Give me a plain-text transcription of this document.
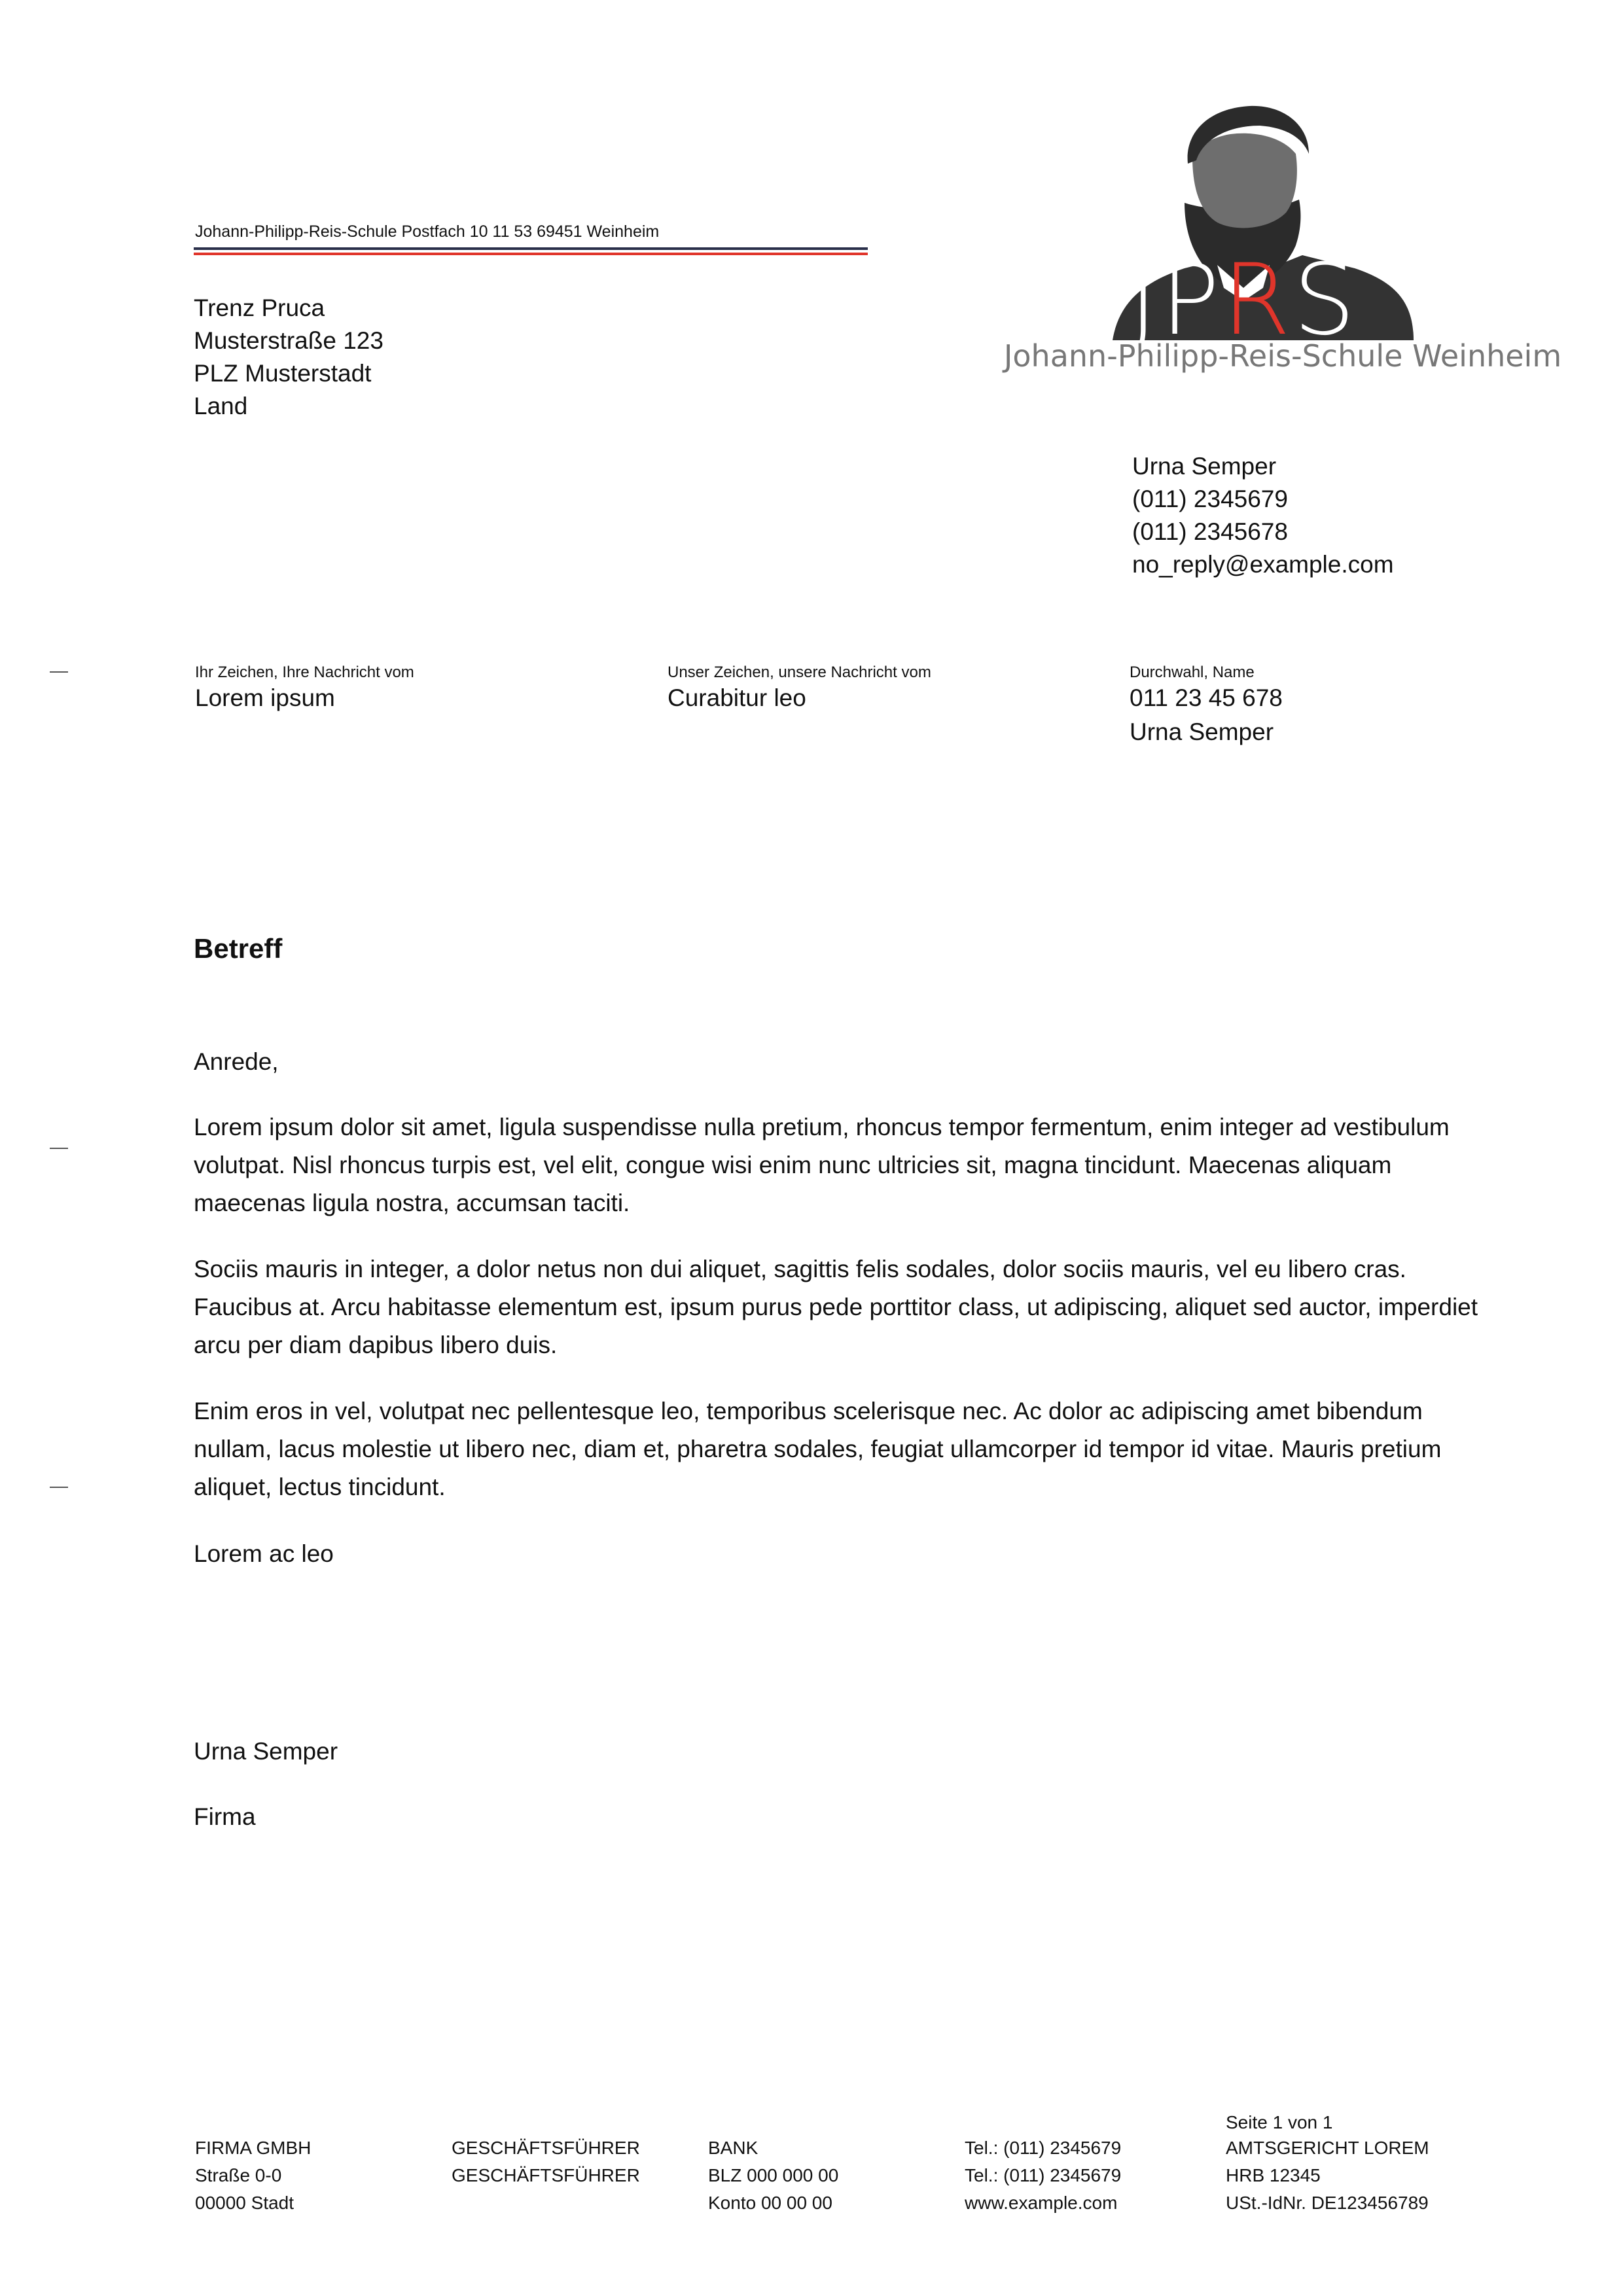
Johann-Philipp-Reis-Schule Postfach 10 11 53 69451 Weinheim
JPRS
Johann-Philipp-Reis-Schule Weinheim
Trenz Pruca
Musterstraße 123
PLZ Musterstadt
Land
Urna Semper
(011) 2345679
(011) 2345678
no_reply@example.com
Ihr Zeichen, Ihre Nachricht vom
Lorem ipsum
Unser Zeichen, unsere Nachricht vom
Curabitur leo
Durchwahl, Name
011 23 45 678
Urna Semper
Betreff
Anrede,
Lorem ipsum dolor sit amet, ligula suspendisse nulla pretium, rhoncus tempor fermentum, enim integer ad vestibulum volutpat. Nisl rhoncus turpis est, vel elit, congue wisi enim nunc ultricies sit, magna tincidunt. Maecenas aliquam maecenas ligula nostra, accumsan taciti.
Sociis mauris in integer, a dolor netus non dui aliquet, sagittis felis sodales, dolor sociis mauris, vel eu libero cras. Faucibus at. Arcu habitasse elementum est, ipsum purus pede porttitor class, ut adipiscing, aliquet sed auctor, imperdiet arcu per diam dapibus libero duis.
Enim eros in vel, volutpat nec pellentesque leo, temporibus scelerisque nec. Ac dolor ac adipiscing amet bibendum nullam, lacus molestie ut libero nec, diam et, pharetra sodales, feugiat ullamcorper id tempor id vitae. Mauris pretium aliquet, lectus tincidunt.
Lorem ac leo
Urna Semper
Firma
Seite 1 von 1
FIRMA GMBH
Straße 0-0
00000 Stadt
GESCHÄFTSFÜHRER
GESCHÄFTSFÜHRER
BANK
BLZ 000 000 00
Konto 00 00 00
Tel.: (011) 2345679
Tel.: (011) 2345679
www.example.com
AMTSGERICHT LOREM
HRB 12345
USt.-IdNr. DE123456789
